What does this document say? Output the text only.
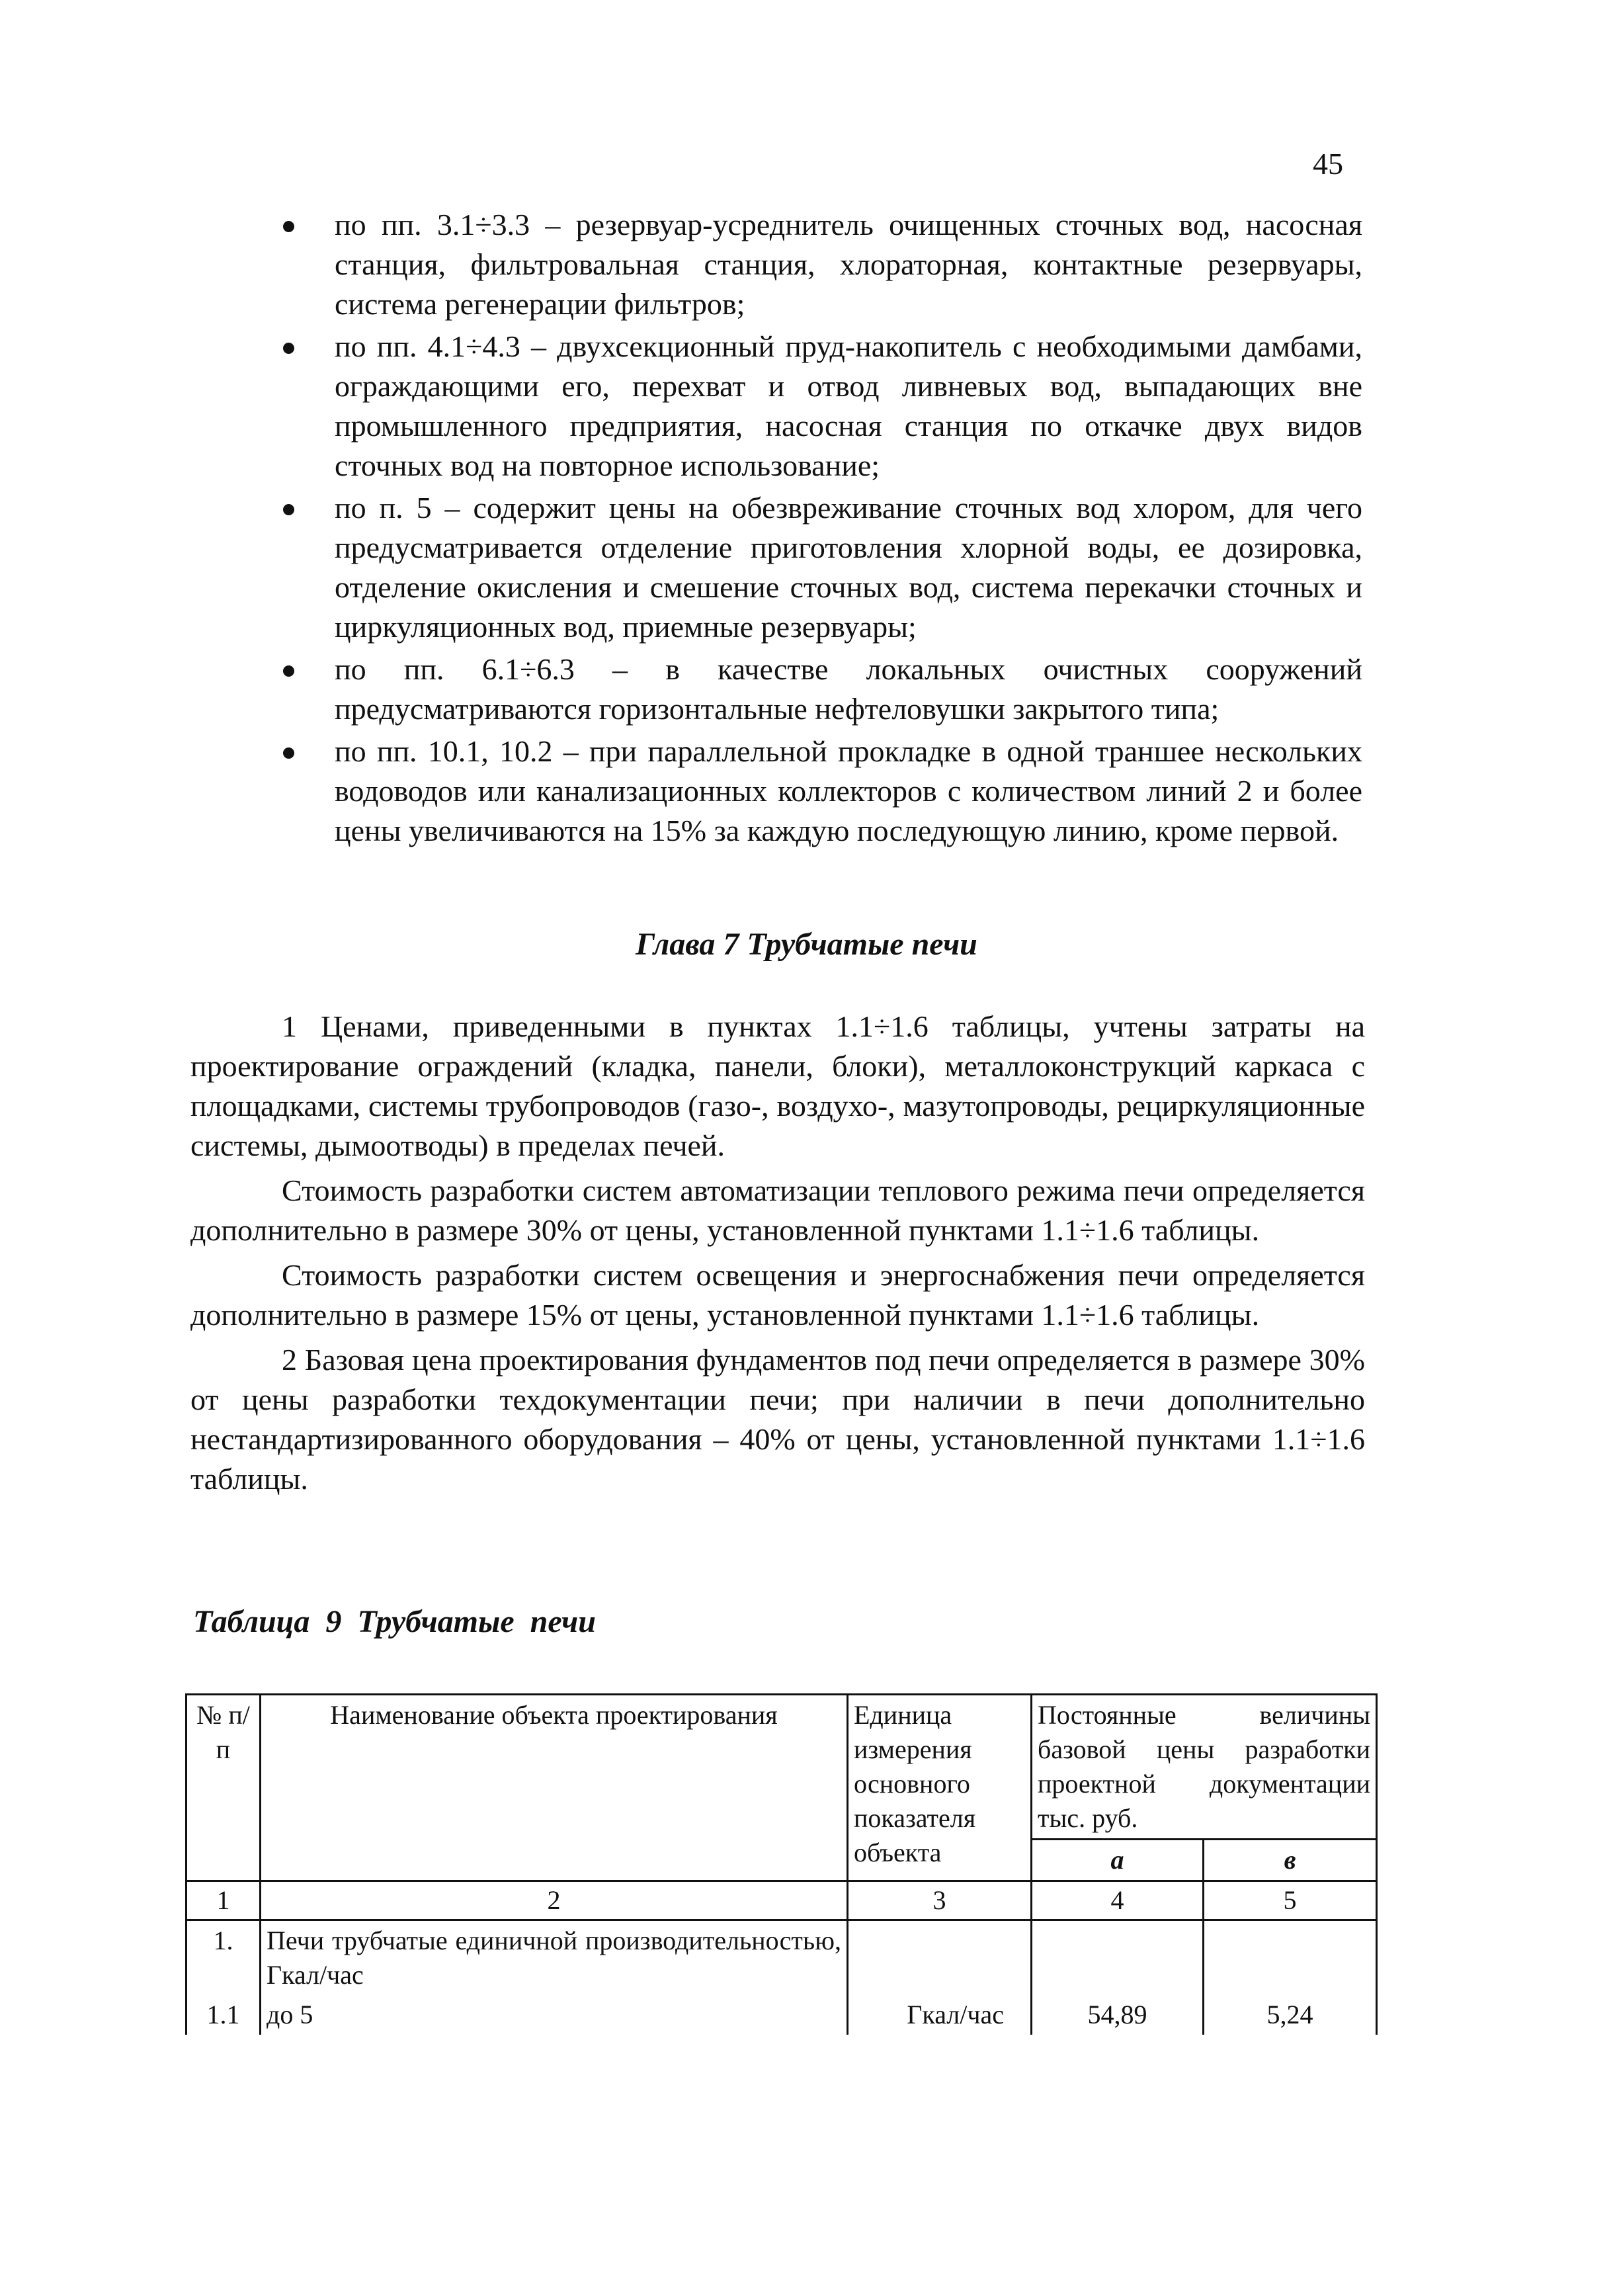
45
по пп. 3.1÷3.3 – резервуар-усреднитель очищенных сточных вод, насосная станция, фильтровальная станция, хлораторная, контактные резервуары, система регенерации фильтров;
по пп. 4.1÷4.3 – двухсекционный пруд-накопитель с необходимыми дамбами, ограждающими его, перехват и отвод ливневых вод, выпадающих вне промышленного предприятия, насосная станция по откачке двух видов сточных вод на повторное использование;
по п. 5 – содержит цены на обезвреживание сточных вод хлором, для чего предусматривается отделение приготовления хлорной воды, ее дозировка, отделение окисления и смешение сточных вод, система перекачки сточных и циркуляционных вод, приемные резервуары;
по пп. 6.1÷6.3 – в качестве локальных очистных сооружений предусматриваются горизонтальные нефтеловушки закрытого типа;
по пп. 10.1, 10.2 – при параллельной прокладке в одной траншее нескольких водоводов или канализационных коллекторов с количеством линий 2 и более цены увеличиваются на 15% за каждую последующую линию, кроме первой.
Глава 7 Трубчатые печи

1 Ценами, приведенными в пунктах 1.1÷1.6 таблицы, учтены затраты на проектирование ограждений (кладка, панели, блоки), металлоконструкций каркаса с площадками, системы трубопроводов (газо-, воздухо-, мазутопроводы, рециркуляционные системы, дымоотводы) в пределах печей.

Стоимость разработки систем автоматизации теплового режима печи определяется дополнительно в размере 30% от цены, установленной пунктами 1.1÷1.6 таблицы.

Стоимость разработки систем освещения и энергоснабжения печи определяется дополнительно в размере 15% от цены, установленной пунктами 1.1÷1.6 таблицы.

2 Базовая цена проектирования фундаментов под печи определяется в размере 30% от цены разработки техдокументации печи; при наличии в печи дополнительно нестандартизированного оборудования – 40% от цены, установленной пунктами 1.1÷1.6 таблицы.

Таблица 9 Трубчатые печи
№ п/п	Наименование объекта проектирования	Единица измерения основного показателя объекта	Постоянные величины базовой цены разработки проектной документации тыс. руб.	
			а	в
1	2	3	4	5
1.	Печи трубчатые единичной производительностью, Гкал/час			
1.1	до 5	Гкал/час	54,89	5,24
